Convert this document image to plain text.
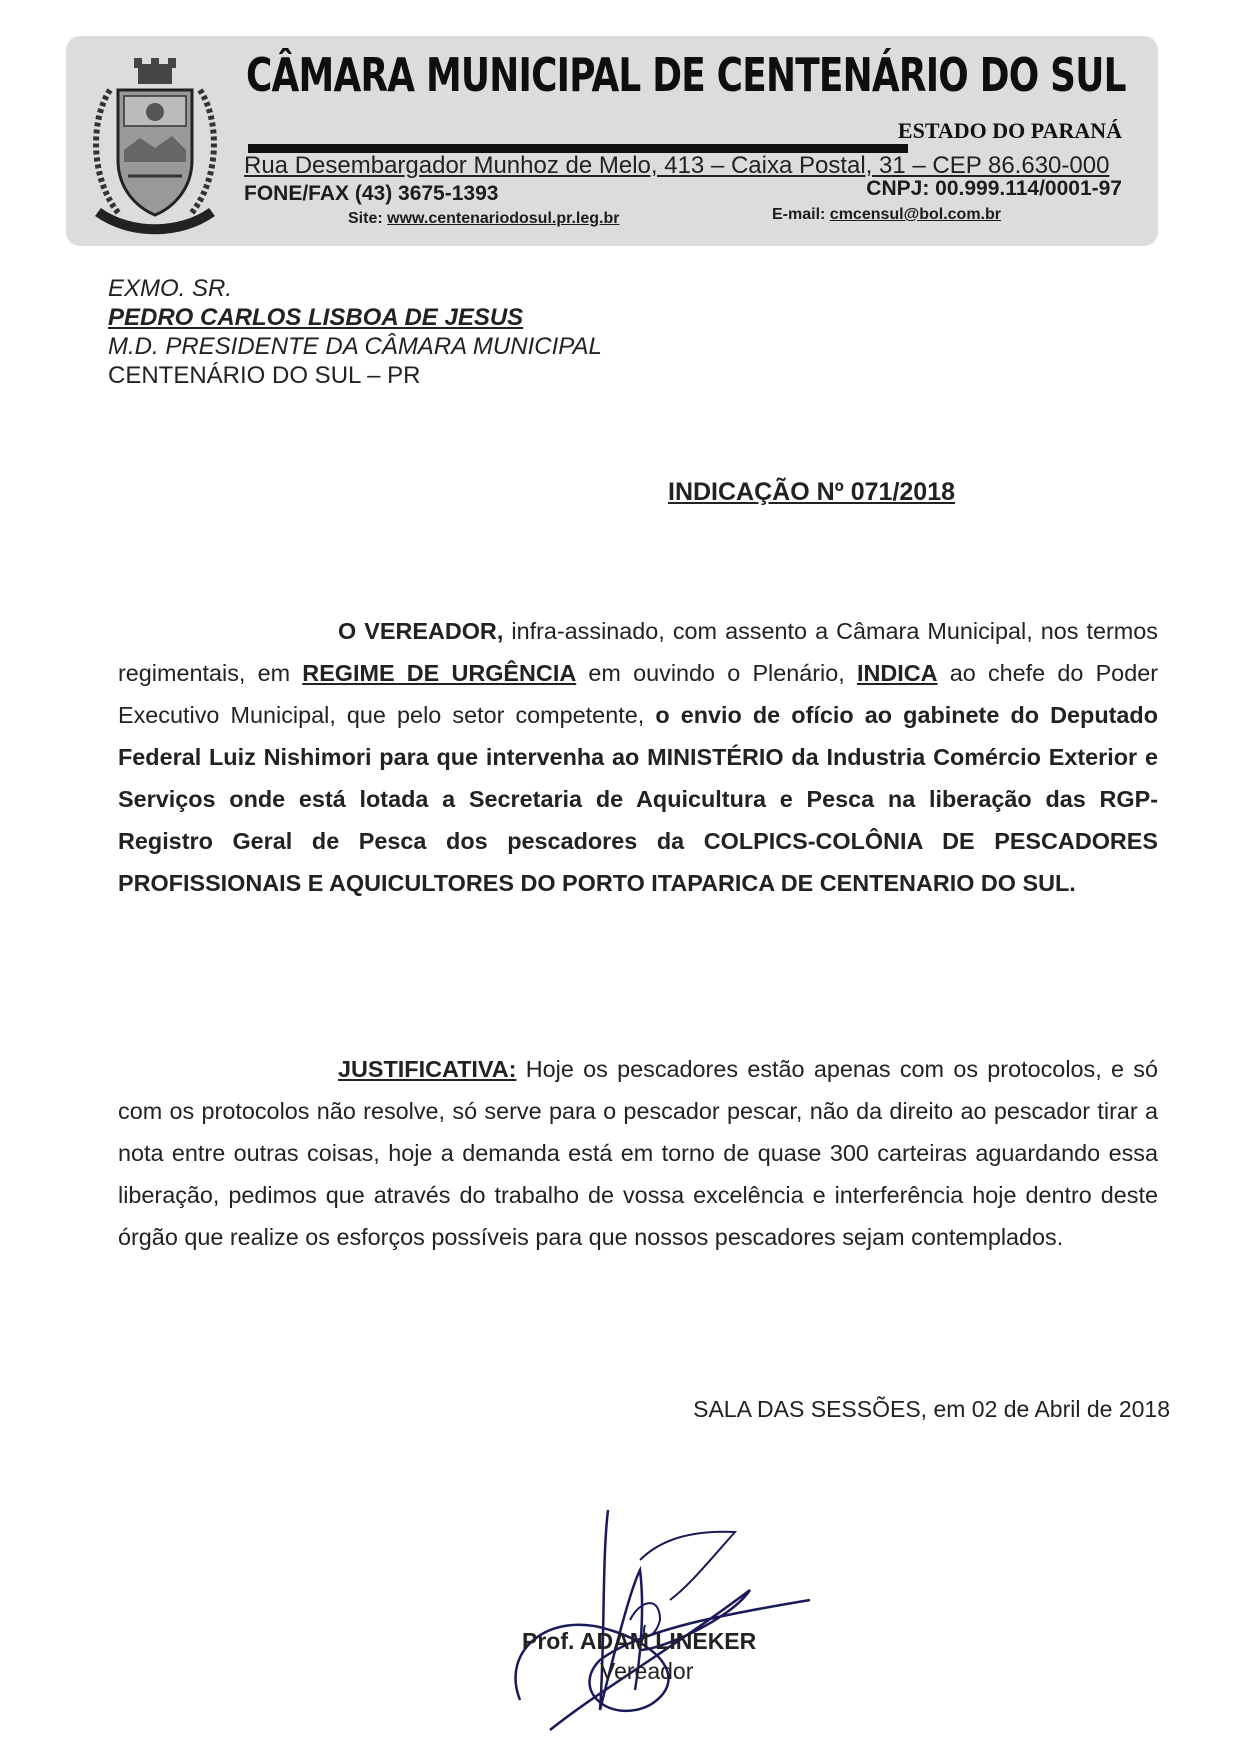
CÂMARA MUNICIPAL DE CENTENÁRIO DO SUL
ESTADO DO PARANÁ
Rua Desembargador Munhoz de Melo, 413 – Caixa Postal, 31 – CEP 86.630-000
FONE/FAX (43) 3675-1393	CNPJ: 00.999.114/0001-97
Site: www.centenariodosul.pr.leg.br	E-mail: cmcensul@bol.com.br
EXMO. SR.
PEDRO CARLOS LISBOA DE JESUS
M.D. PRESIDENTE DA CÂMARA MUNICIPAL
CENTENÁRIO DO SUL – PR
INDICAÇÃO Nº 071/2018
O VEREADOR, infra-assinado, com assento a Câmara Municipal, nos termos regimentais, em REGIME DE URGÊNCIA em ouvindo o Plenário, INDICA ao chefe do Poder Executivo Municipal, que pelo setor competente, o envio de ofício ao gabinete do Deputado Federal Luiz Nishimori para que intervenha ao MINISTÉRIO da Industria Comércio Exterior e Serviços onde está lotada a Secretaria de Aquicultura e Pesca na liberação das RGP- Registro Geral de Pesca dos pescadores da COLPICS-COLÔNIA DE PESCADORES PROFISSIONAIS E AQUICULTORES DO PORTO ITAPARICA DE CENTENARIO DO SUL.
JUSTIFICATIVA: Hoje os pescadores estão apenas com os protocolos, e só com os protocolos não resolve, só serve para o pescador pescar, não da direito ao pescador tirar a nota entre outras coisas, hoje a demanda está em torno de quase 300 carteiras aguardando essa liberação, pedimos que através do trabalho de vossa excelência e interferência hoje dentro deste órgão que realize os esforços possíveis para que nossos pescadores sejam contemplados.
SALA DAS SESSÕES, em 02 de Abril de 2018
Prof. ADAM LINEKER
Vereador
